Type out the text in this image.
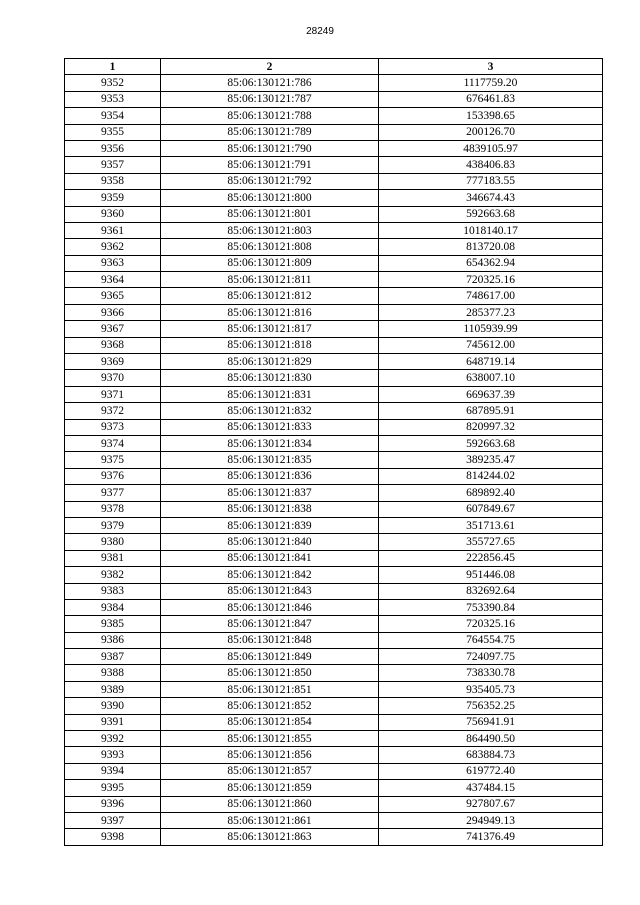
28249
1	2	3
9352	85:06:130121:786	1117759.20
9353	85:06:130121:787	676461.83
9354	85:06:130121:788	153398.65
9355	85:06:130121:789	200126.70
9356	85:06:130121:790	4839105.97
9357	85:06:130121:791	438406.83
9358	85:06:130121:792	777183.55
9359	85:06:130121:800	346674.43
9360	85:06:130121:801	592663.68
9361	85:06:130121:803	1018140.17
9362	85:06:130121:808	813720.08
9363	85:06:130121:809	654362.94
9364	85:06:130121:811	720325.16
9365	85:06:130121:812	748617.00
9366	85:06:130121:816	285377.23
9367	85:06:130121:817	1105939.99
9368	85:06:130121:818	745612.00
9369	85:06:130121:829	648719.14
9370	85:06:130121:830	638007.10
9371	85:06:130121:831	669637.39
9372	85:06:130121:832	687895.91
9373	85:06:130121:833	820997.32
9374	85:06:130121:834	592663.68
9375	85:06:130121:835	389235.47
9376	85:06:130121:836	814244.02
9377	85:06:130121:837	689892.40
9378	85:06:130121:838	607849.67
9379	85:06:130121:839	351713.61
9380	85:06:130121:840	355727.65
9381	85:06:130121:841	222856.45
9382	85:06:130121:842	951446.08
9383	85:06:130121:843	832692.64
9384	85:06:130121:846	753390.84
9385	85:06:130121:847	720325.16
9386	85:06:130121:848	764554.75
9387	85:06:130121:849	724097.75
9388	85:06:130121:850	738330.78
9389	85:06:130121:851	935405.73
9390	85:06:130121:852	756352.25
9391	85:06:130121:854	756941.91
9392	85:06:130121:855	864490.50
9393	85:06:130121:856	683884.73
9394	85:06:130121:857	619772.40
9395	85:06:130121:859	437484.15
9396	85:06:130121:860	927807.67
9397	85:06:130121:861	294949.13
9398	85:06:130121:863	741376.49
